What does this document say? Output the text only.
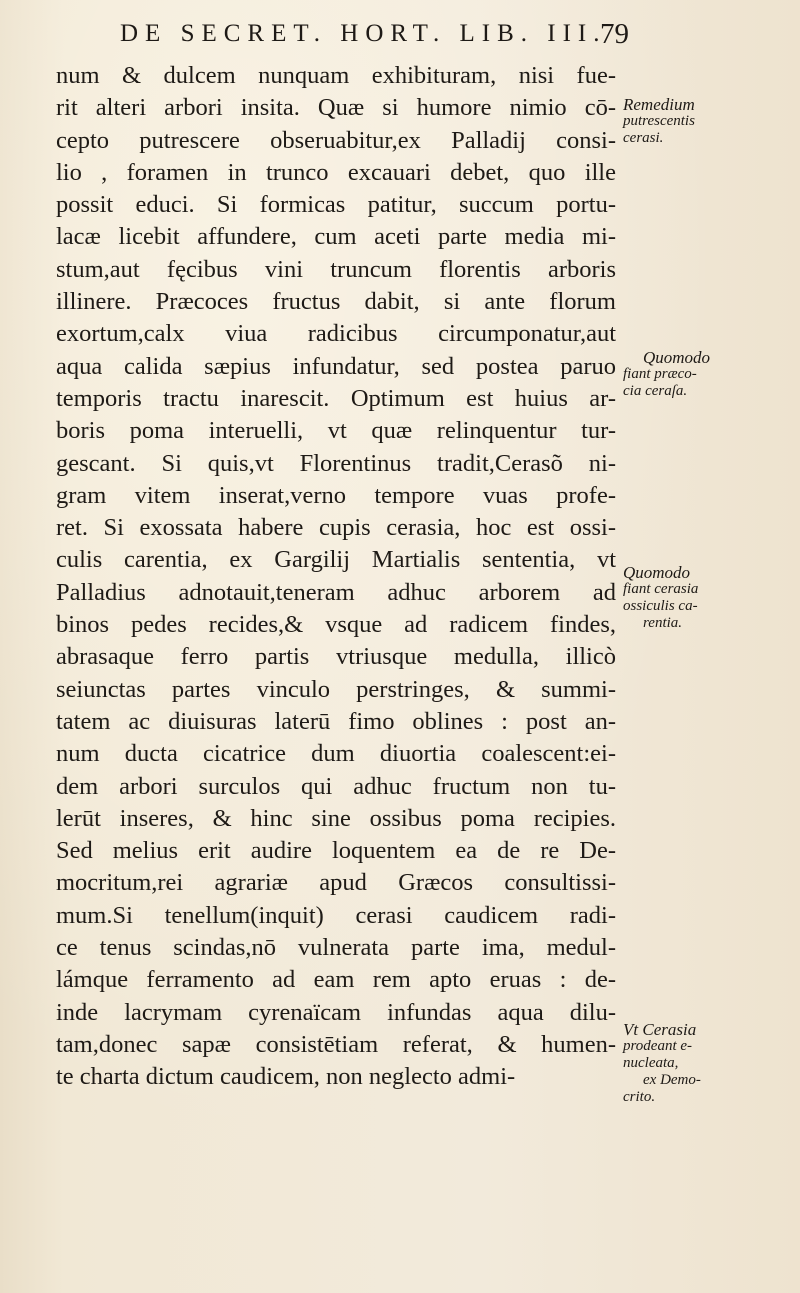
DE SECRET. HORT. LIB. III.
79
num & dulcem nunquam exhibituram, nisi fue-
rit alteri arbori insita. Quæ si humore nimio cō-
cepto putrescere obseruabitur,ex Palladij consi-
lio , foramen in trunco excauari debet, quo ille
possit educi. Si formicas patitur, succum portu-
lacæ licebit affundere, cum aceti parte media mi-
stum,aut fęcibus vini truncum florentis arboris
illinere. Præcoces fructus dabit, si ante florum
exortum,calx viua radicibus circumponatur,aut
aqua calida sæpius infundatur, sed postea paruo
temporis tractu inarescit. Optimum est huius ar-
boris poma interuelli, vt quæ relinquentur tur-
gescant. Si quis,vt Florentinus tradit,Cerasõ ni-
gram vitem inserat,verno tempore vuas profe-
ret. Si exossata habere cupis cerasia, hoc est ossi-
culis carentia, ex Gargilij Martialis sententia, vt
Palladius adnotauit,teneram adhuc arborem ad
binos pedes recides,& vsque ad radicem findes,
abrasaque ferro partis vtriusque medulla, illicò
seiunctas partes vinculo perstringes, & summi-
tatem ac diuisuras laterū fimo oblines : post an-
num ducta cicatrice dum diuortia coalescent:ei-
dem arbori surculos qui adhuc fructum non tu-
lerūt inseres, & hinc sine ossibus poma recipies.
Sed melius erit audire loquentem ea de re De-
mocritum,rei agrariæ apud Græcos consultissi-
mum.Si tenellum(inquit) cerasi caudicem radi-
ce tenus scindas,nō vulnerata parte ima, medul-
lámque ferramento ad eam rem apto eruas : de-
inde lacrymam cyrenaïcam infundas aqua dilu-
tam,donec sapæ consistētiam referat, & humen-
te charta dictum caudicem, non neglecto admi-
Remedium
putrescentis
cerasi.
Quomodo
fiant præco-
cia ceraſa.
Quomodo
fiant cerasia
ossiculis ca-
rentia.
Vt Cerasia
prodeant e-
nucleata,
ex Demo-
crito.
